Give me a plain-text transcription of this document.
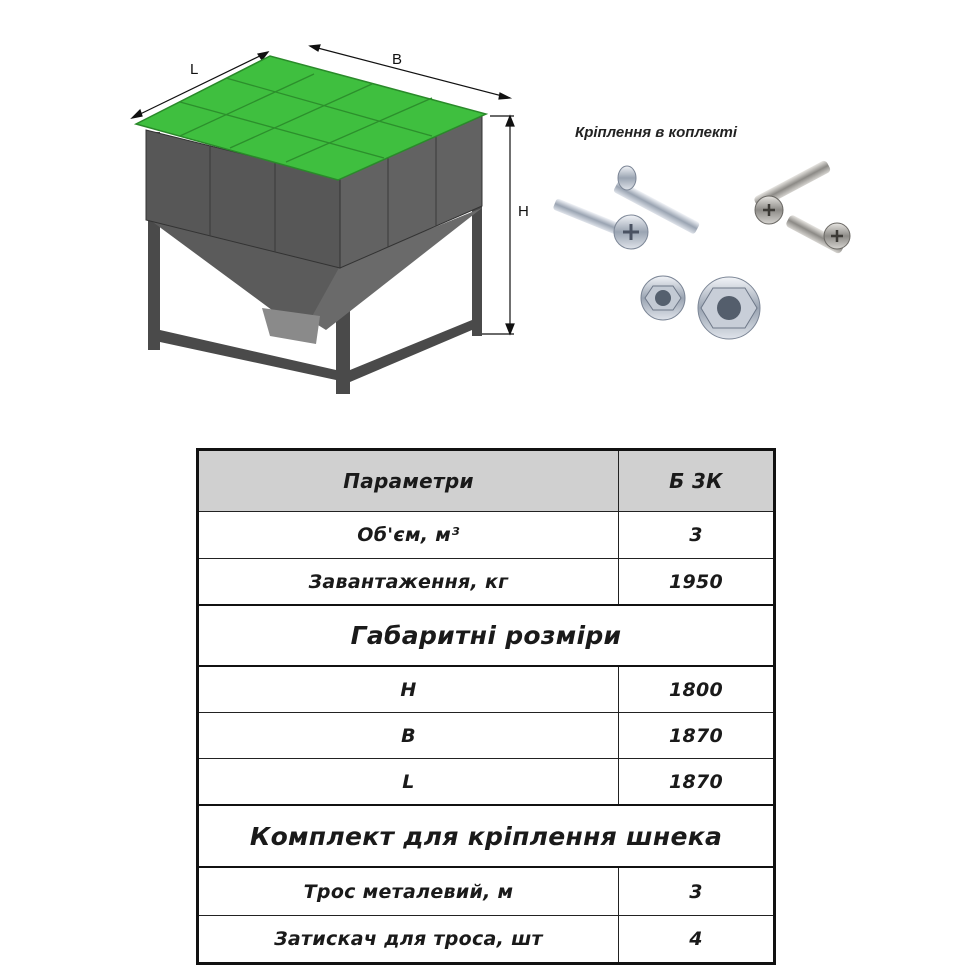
L
B
H
Кріплення в коплекті
Параметри	Б 3К
Об'єм, м³	3
Завантаження, кг	1950
Габаритні розміри
H	1800
B	1870
L	1870
Комплект для кріплення шнека
Трос металевий, м	3
Затискач для троса, шт	4
